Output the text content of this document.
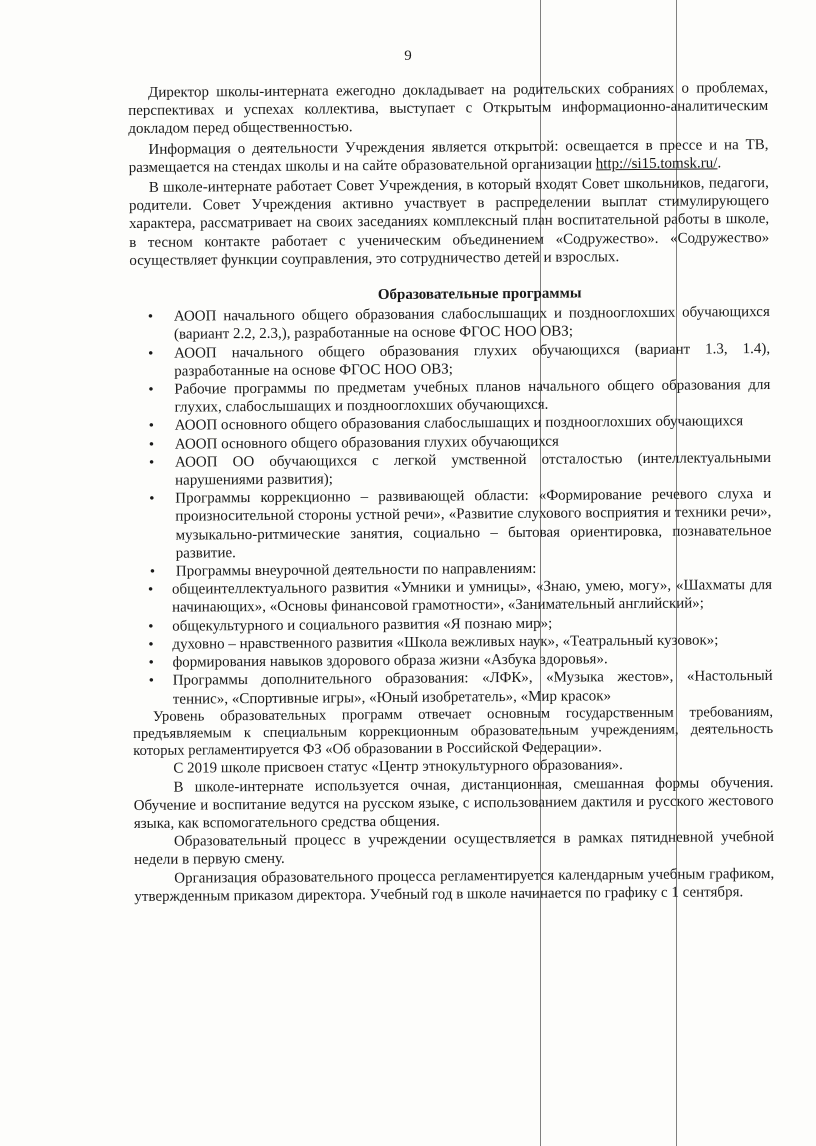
9

Директор школы-интерната ежегодно докладывает на родительских собраниях о проблемах, перспективах и успехах коллектива, выступает с Открытым информационно-аналитическим докладом перед общественностью.

Информация о деятельности Учреждения является открытой: освещается в прессе и на ТВ, размещается на стендах школы и на сайте образовательной организации http://si15.tomsk.ru/.

В школе-интернате работает Совет Учреждения, в который входят Совет школьников, педагоги, родители. Совет Учреждения активно участвует в распределении выплат стимулирующего характера, рассматривает на своих заседаниях комплексный план воспитательной работы в школе, в тесном контакте работает с ученическим объединением «Содружество». «Содружество» осуществляет функции соуправления, это сотрудничество детей и взрослых.

Образовательные программы
• АООП начального общего образования слабослышащих и позднооглохших обучающихся (вариант 2.2, 2.3,), разработанные на основе ФГОС НОО ОВЗ;
• АООП начального общего образования глухих обучающихся (вариант 1.3, 1.4), разработанные на основе ФГОС НОО ОВЗ;
• Рабочие программы по предметам учебных планов начального общего образования для глухих, слабослышащих и позднооглохших обучающихся.
• АООП основного общего образования слабослышащих и позднооглохших обучающихся
• АООП основного общего образования глухих обучающихся
• АООП ОО обучающихся с легкой умственной отсталостью (интеллектуальными нарушениями развития);
• Программы коррекционно – развивающей области: «Формирование речевого слуха и произносительной стороны устной речи», «Развитие слухового восприятия и техники речи», музыкально-ритмические занятия, социально – бытовая ориентировка, познавательное развитие.
• Программы внеурочной деятельности по направлениям:
• общеинтеллектуального развития «Умники и умницы», «Знаю, умею, могу», «Шахматы для начинающих», «Основы финансовой грамотности», «Занимательный английский»;
• общекультурного и социального развития «Я познаю мир»;
• духовно – нравственного развития «Школа вежливых наук», «Театральный кузовок»;
• формирования навыков здорового образа жизни «Азбука здоровья».
• Программы дополнительного образования: «ЛФК», «Музыка жестов», «Настольный теннис», «Спортивные игры», «Юный изобретатель», «Мир красок»

Уровень образовательных программ отвечает основным государственным требованиям, предъявляемым к специальным коррекционным образовательным учреждениям, деятельность которых регламентируется ФЗ «Об образовании в Российской Федерации».

С 2019 школе присвоен статус «Центр этнокультурного образования».

В школе-интернате используется очная, дистанционная, смешанная формы обучения. Обучение и воспитание ведутся на русском языке, с использованием дактиля и русского жестового языка, как вспомогательного средства общения.

Образовательный процесс в учреждении осуществляется в рамках пятидневной учебной недели в первую смену.

Организация образовательного процесса регламентируется календарным учебным графиком, утвержденным приказом директора. Учебный год в школе начинается по графику с 1 сентября.
